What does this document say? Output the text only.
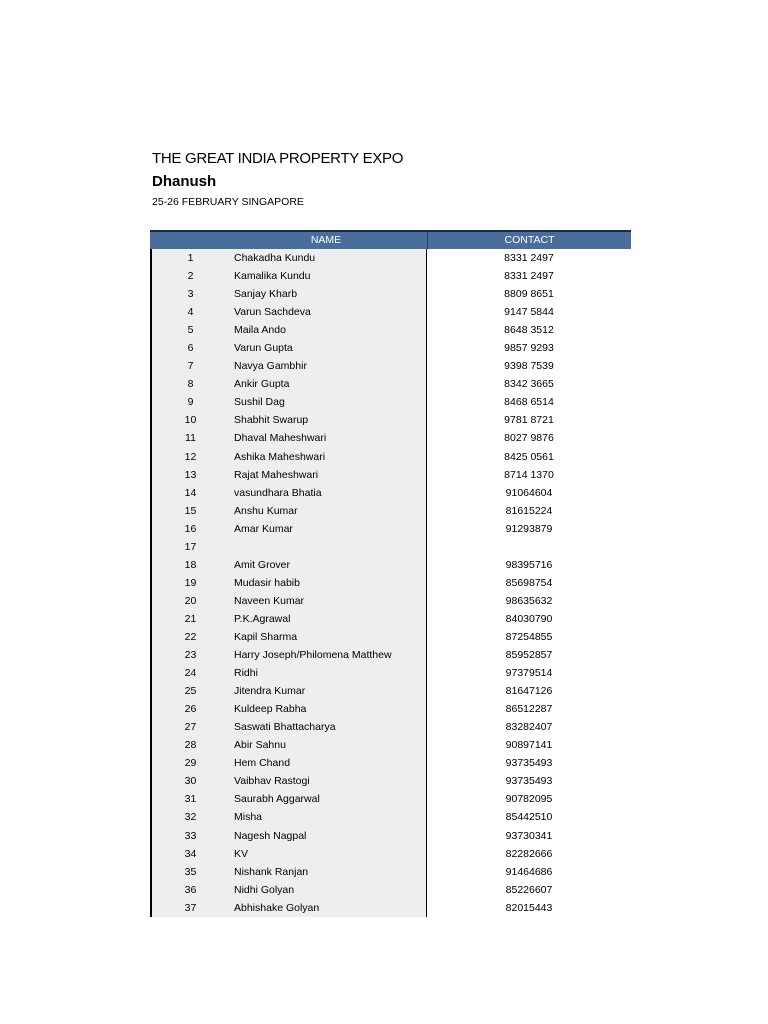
THE GREAT INDIA PROPERTY EXPO
Dhanush
25-26 FEBRUARY SINGAPORE
NAME	CONTACT
1	Chakadha Kundu	8331 2497
2	Kamalika Kundu	8331 2497
3	Sanjay Kharb	8809 8651
4	Varun Sachdeva	9147 5844
5	Maila Ando	8648 3512
6	Varun Gupta	9857 9293
7	Navya Gambhir	9398 7539
8	Ankir Gupta	8342 3665
9	Sushil Dag	8468 6514
10	Shabhit Swarup	9781 8721
11	Dhaval Maheshwari	8027 9876
12	Ashika Maheshwari	8425 0561
13	Rajat Maheshwari	8714 1370
14	vasundhara Bhatia	91064604
15	Anshu Kumar	81615224
16	Amar Kumar	91293879
17
18	Amit Grover	98395716
19	Mudasir habib	85698754
20	Naveen Kumar	98635632
21	P.K.Agrawal	84030790
22	Kapil Sharma	87254855
23	Harry Joseph/Philomena Matthew	85952857
24	Ridhi	97379514
25	Jitendra Kumar	81647126
26	Kuldeep Rabha	86512287
27	Saswati Bhattacharya	83282407
28	Abir Sahnu	90897141
29	Hem Chand	93735493
30	Vaibhav Rastogi	93735493
31	Saurabh Aggarwal	90782095
32	Misha	85442510
33	Nagesh Nagpal	93730341
34	KV	82282666
35	Nishank Ranjan	91464686
36	Nidhi Golyan	85226607
37	Abhishake Golyan	82015443
